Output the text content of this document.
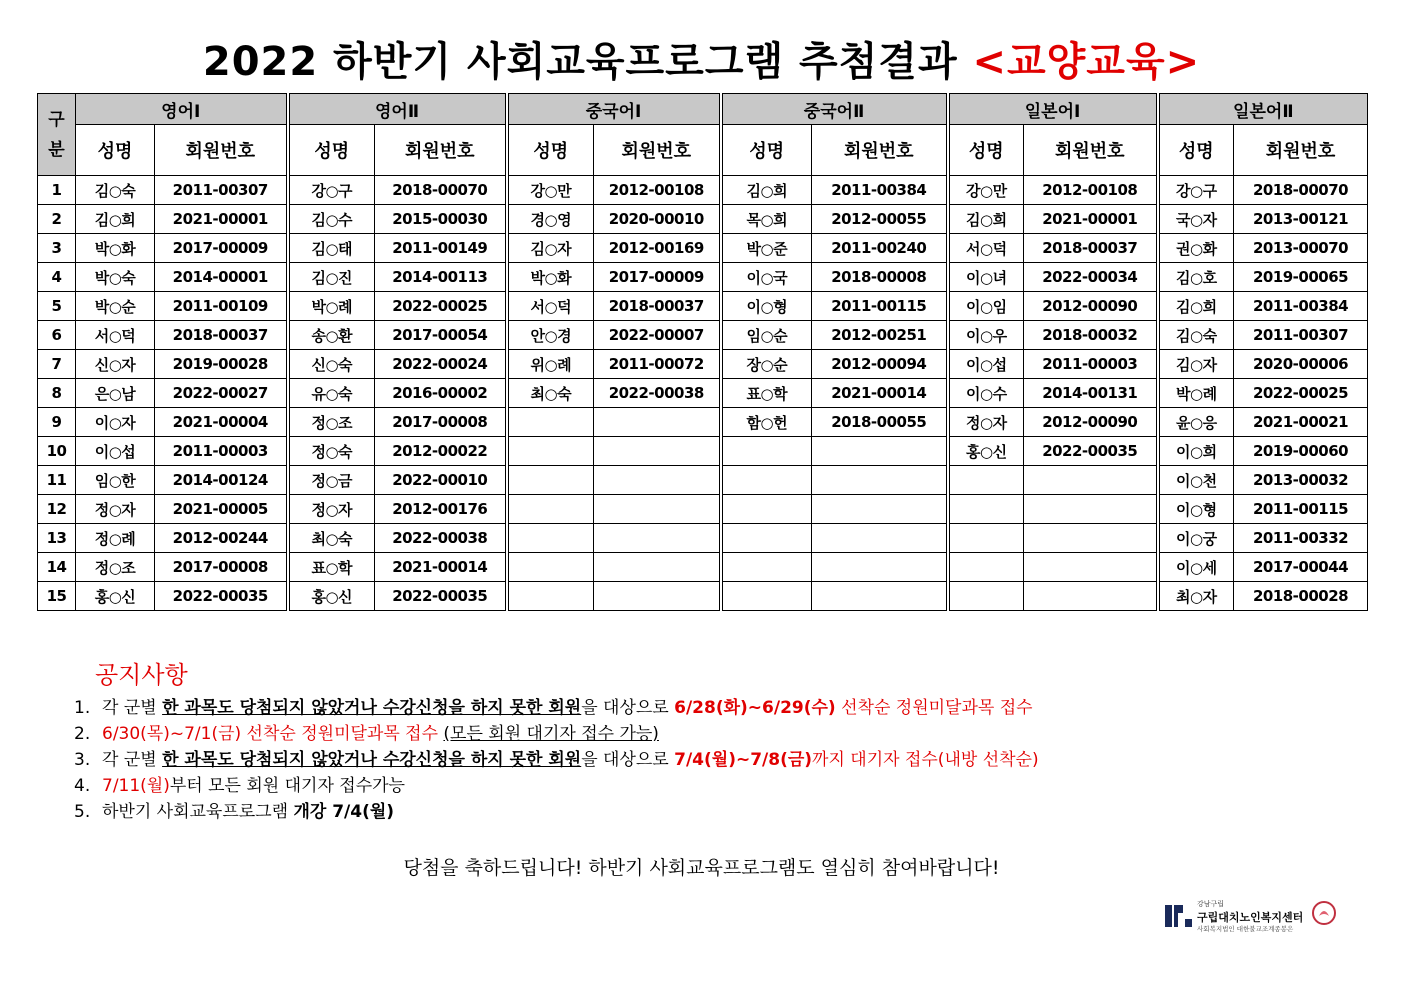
2022 하반기 사회교육프로그램 추첨결과 <교양교육>
구
분	영어Ⅰ		영어Ⅱ		중국어Ⅰ		중국어Ⅱ		일본어Ⅰ		일본어Ⅱ	
	성명	회원번호	성명	회원번호	성명	회원번호	성명	회원번호	성명	회원번호	성명	회원번호
1	김○숙	2011-00307	강○구	2018-00070	강○만	2012-00108	김○희	2011-00384	강○만	2012-00108	강○구	2018-00070
2	김○희	2021-00001	김○수	2015-00030	경○영	2020-00010	목○희	2012-00055	김○희	2021-00001	국○자	2013-00121
3	박○화	2017-00009	김○태	2011-00149	김○자	2012-00169	박○준	2011-00240	서○덕	2018-00037	권○화	2013-00070
4	박○숙	2014-00001	김○진	2014-00113	박○화	2017-00009	이○국	2018-00008	이○녀	2022-00034	김○호	2019-00065
5	박○순	2011-00109	박○례	2022-00025	서○덕	2018-00037	이○형	2011-00115	이○임	2012-00090	김○희	2011-00384
6	서○덕	2018-00037	송○환	2017-00054	안○경	2022-00007	임○순	2012-00251	이○우	2018-00032	김○숙	2011-00307
7	신○자	2019-00028	신○숙	2022-00024	위○례	2011-00072	장○순	2012-00094	이○섭	2011-00003	김○자	2020-00006
8	은○남	2022-00027	유○숙	2016-00002	최○숙	2022-00038	표○학	2021-00014	이○수	2014-00131	박○례	2022-00025
9	이○자	2021-00004	정○조	2017-00008			함○헌	2018-00055	정○자	2012-00090	윤○응	2021-00021
10	이○섭	2011-00003	정○숙	2012-00022					홍○신	2022-00035	이○희	2019-00060
11	임○한	2014-00124	정○금	2022-00010							이○천	2013-00032
12	정○자	2021-00005	정○자	2012-00176							이○형	2011-00115
13	정○례	2012-00244	최○숙	2022-00038							이○궁	2011-00332
14	정○조	2017-00008	표○학	2021-00014							이○세	2017-00044
15	홍○신	2022-00035	홍○신	2022-00035							최○자	2018-00028
공지사항
1. 각 군별 한 과목도 당첨되지 않았거나 수강신청을 하지 못한 회원을 대상으로 6/28(화)~6/29(수) 선착순 정원미달과목 접수
2. 6/30(목)~7/1(금) 선착순 정원미달과목 접수 (모든 회원 대기자 접수 가능)
3. 각 군별 한 과목도 당첨되지 않았거나 수강신청을 하지 못한 회원을 대상으로 7/4(월)~7/8(금)까지 대기자 접수(내방 선착순)
4. 7/11(월)부터 모든 회원 대기자 접수가능
5. 하반기 사회교육프로그램 개강 7/4(월)
당첨을 축하드립니다! 하반기 사회교육프로그램도 열심히 참여바랍니다!
강남구립
구립대치노인복지센터
사회복지법인 대한불교조계종봉은
